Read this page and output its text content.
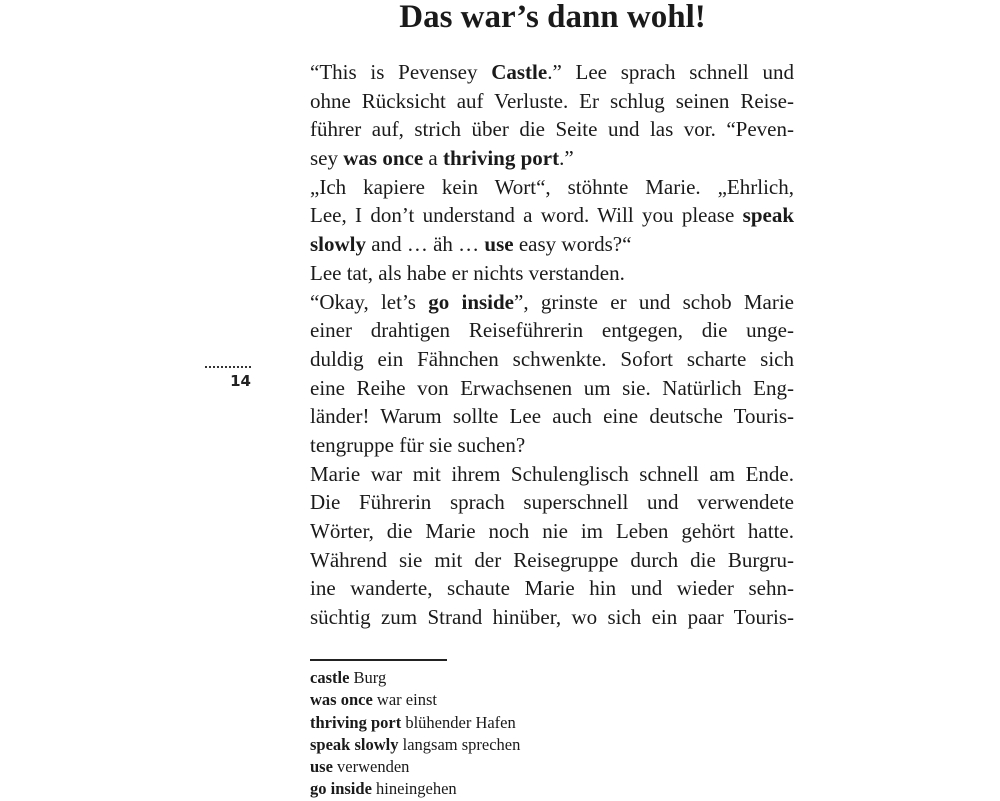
Das war’s dann wohl!
“This is Pevensey Castle.” Lee sprach schnell und
ohne Rücksicht auf Verluste. Er schlug seinen Reise-
führer auf, strich über die Seite und las vor. “Peven-
sey was once a thriving port.”
„Ich kapiere kein Wort“, stöhnte Marie. „Ehrlich,
Lee, I don’t understand a word. Will you please speak
slowly and … äh … use easy words?“
Lee tat, als habe er nichts verstanden.
“Okay, let’s go inside”, grinste er und schob Marie
einer drahtigen Reiseführerin entgegen, die unge-
duldig ein Fähnchen schwenkte. Sofort scharte sich
eine Reihe von Erwachsenen um sie. Natürlich Eng-
länder! Warum sollte Lee auch eine deutsche Touris-
tengruppe für sie suchen?
Marie war mit ihrem Schulenglisch schnell am Ende.
Die Führerin sprach superschnell und verwendete
Wörter, die Marie noch nie im Leben gehört hatte.
Während sie mit der Reisegruppe durch die Burgru-
ine wanderte, schaute Marie hin und wieder sehn-
süchtig zum Strand hinüber, wo sich ein paar Touris-
14
castle Burg
was once war einst
thriving port blühender Hafen
speak slowly langsam sprechen
use verwenden
go inside hineingehen
